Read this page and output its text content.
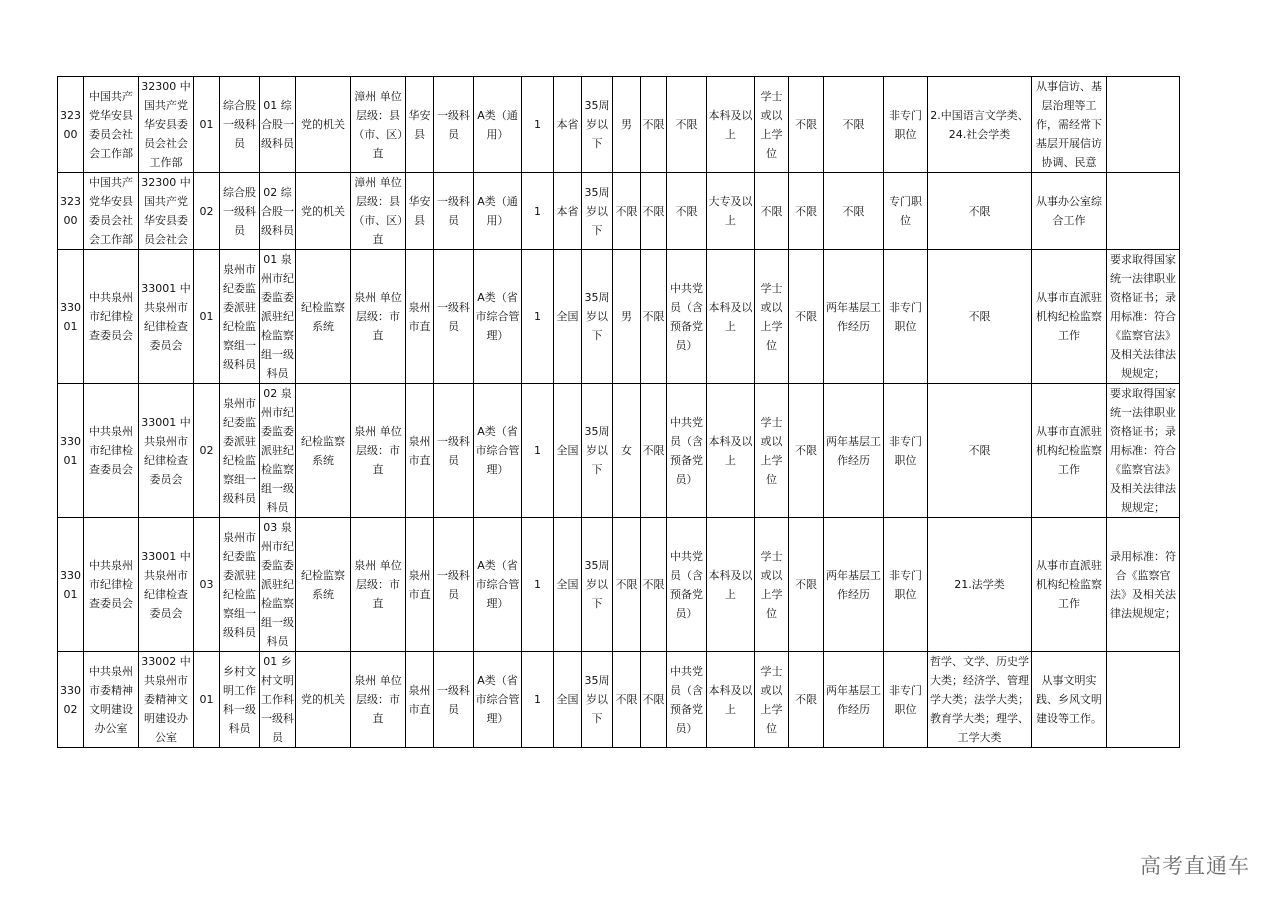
32300	中国共产党华安县委员会社会工作部	32300 中国共产党华安县委员会社会工作部	01	综合股一级科员	01 综合股一级科员	党的机关	漳州 单位层级：县（市、区）直	华安县	一级科员	A类（通用）	1	本省	35周岁以下	男	不限	不限	本科及以上	学士或以上学位	不限	不限	非专门职位	2.中国语言文学类、24.社会学类	从事信访、基层治理等工作，需经常下基层开展信访协调、民意	
32300	中国共产党华安县委员会社会工作部	32300 中国共产党华安县委员会社会	02	综合股一级科员	02 综合股一级科员	党的机关	漳州 单位层级：县（市、区）直	华安县	一级科员	A类（通用）	1	本省	35周岁以下	不限	不限	不限	大专及以上	不限	不限	不限	专门职位	不限	从事办公室综合工作	
33001	中共泉州市纪律检查委员会	33001 中共泉州市纪律检查委员会	01	泉州市纪委监委派驻纪检监察组一级科员	01 泉州市纪委监委派驻纪检监察组一级科员	纪检监察系统	泉州 单位层级：市直	泉州市直	一级科员	A类（省市综合管理）	1	全国	35周岁以下	男	不限	中共党员（含预备党员）	本科及以上	学士或以上学位	不限	两年基层工作经历	非专门职位	不限	从事市直派驻机构纪检监察工作	要求取得国家统一法律职业资格证书；录用标准：符合《监察官法》及相关法律法规规定；
33001	中共泉州市纪律检查委员会	33001 中共泉州市纪律检查委员会	02	泉州市纪委监委派驻纪检监察组一级科员	02 泉州市纪委监委派驻纪检监察组一级科员	纪检监察系统	泉州 单位层级：市直	泉州市直	一级科员	A类（省市综合管理）	1	全国	35周岁以下	女	不限	中共党员（含预备党员）	本科及以上	学士或以上学位	不限	两年基层工作经历	非专门职位	不限	从事市直派驻机构纪检监察工作	要求取得国家统一法律职业资格证书；录用标准：符合《监察官法》及相关法律法规规定；
33001	中共泉州市纪律检查委员会	33001 中共泉州市纪律检查委员会	03	泉州市纪委监委派驻纪检监察组一级科员	03 泉州市纪委监委派驻纪检监察组一级科员	纪检监察系统	泉州 单位层级：市直	泉州市直	一级科员	A类（省市综合管理）	1	全国	35周岁以下	不限	不限	中共党员（含预备党员）	本科及以上	学士或以上学位	不限	两年基层工作经历	非专门职位	21.法学类	从事市直派驻机构纪检监察工作	录用标准：符合《监察官法》及相关法律法规规定；
33002	中共泉州市委精神文明建设办公室	33002 中共泉州市委精神文明建设办公室	01	乡村文明工作科一级科员	01 乡村文明工作科一级科员	党的机关	泉州 单位层级：市直	泉州市直	一级科员	A类（省市综合管理）	1	全国	35周岁以下	不限	不限	中共党员（含预备党员）	本科及以上	学士或以上学位	不限	两年基层工作经历	非专门职位	哲学、文学、历史学大类；经济学、管理学大类；法学大类；教育学大类；理学、工学大类	从事文明实践、乡风文明建设等工作。	
高考直通车
